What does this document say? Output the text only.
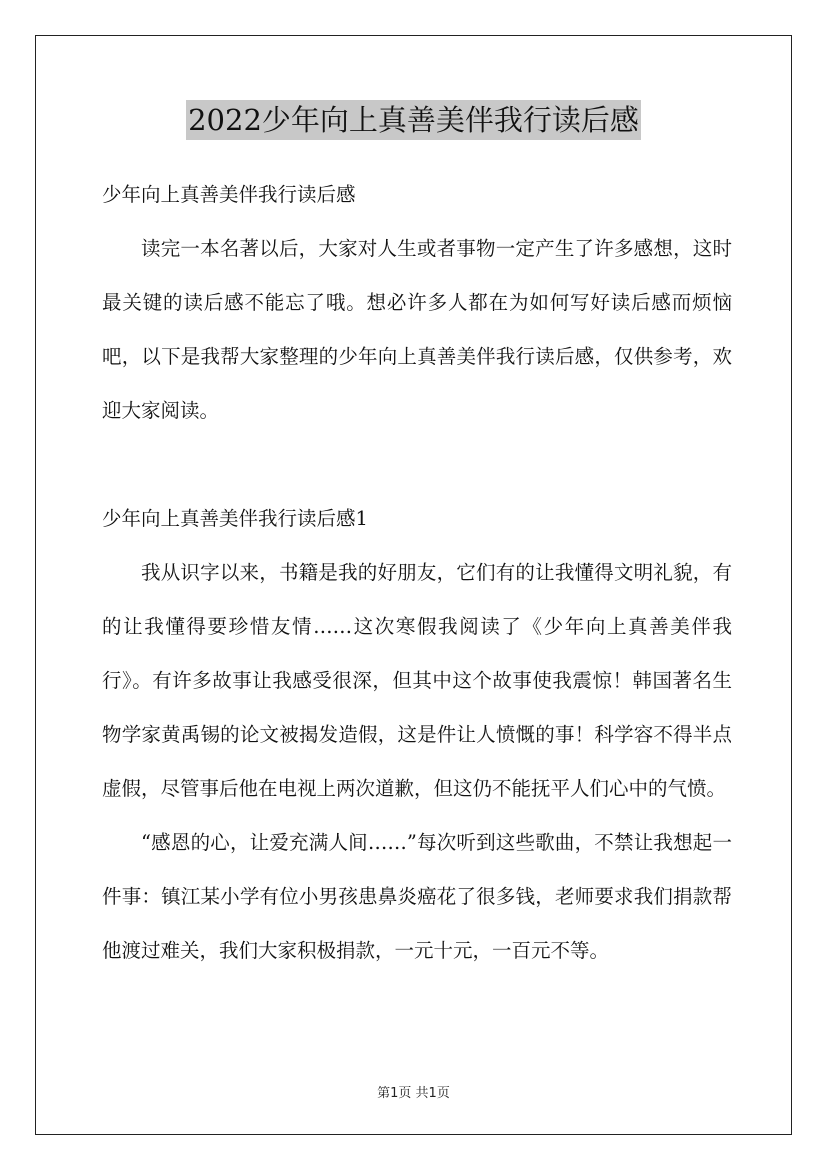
2022少年向上真善美伴我行读后感

少年向上真善美伴我行读后感

读完一本名著以后，大家对人生或者事物一定产生了许多感想，这时最关键的读后感不能忘了哦。想必许多人都在为如何写好读后感而烦恼吧，以下是我帮大家整理的少年向上真善美伴我行读后感，仅供参考，欢迎大家阅读。

少年向上真善美伴我行读后感1

我从识字以来，书籍是我的好朋友，它们有的让我懂得文明礼貌，有的让我懂得要珍惜友情……这次寒假我阅读了《少年向上真善美伴我行》。有许多故事让我感受很深，但其中这个故事使我震惊！韩国著名生物学家黄禹锡的论文被揭发造假，这是件让人愤慨的事！科学容不得半点虚假，尽管事后他在电视上两次道歉，但这仍不能抚平人们心中的气愤。

“感恩的心，让爱充满人间……”每次听到这些歌曲，不禁让我想起一件事：镇江某小学有位小男孩患鼻炎癌花了很多钱，老师要求我们捐款帮他渡过难关，我们大家积极捐款，一元十元，一百元不等。

第1页 共1页
